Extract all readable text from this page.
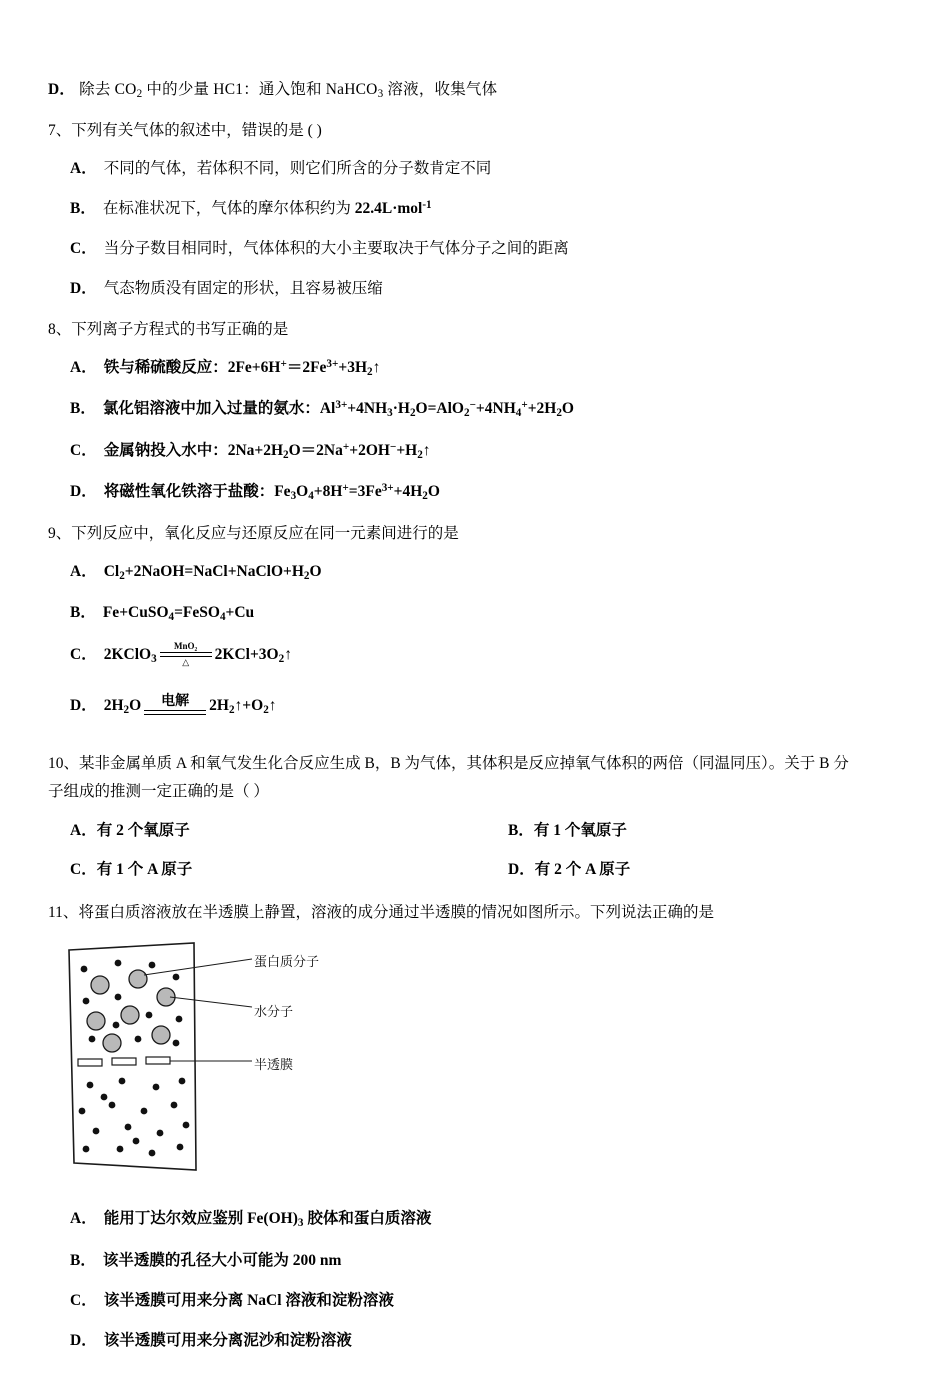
D． 除去 $CO_2$ 中的少量 HC1：通入饱和 NaHCO$_3$ 溶液，收集气体
7、下列有关气体的叙述中，错误的是 ( )
A． 不同的气体，若体积不同，则它们所含的分子数肯定不同
B． 在标准状况下，气体的摩尔体积约为 22.4L·mol$^{-1}$
C． 当分子数目相同时，气体体积的大小主要取决于气体分子之间的距离
D． 气态物质没有固定的形状，且容易被压缩
8、下列离子方程式的书写正确的是
A． 铁与稀硫酸反应：$2Fe+6H^+=2Fe^{3+}+3H_2↑$
B． 氯化铝溶液中加入过量的氨水：$Al^{3+}+4NH_3\cdot H_2O=AlO_2^-+4NH_4^++2H_2O$
C． 金属钠投入水中：$2Na+2H_2O=2Na^++2OH^-+H_2↑$
D． 将磁性氧化铁溶于盐酸：$Fe_3O_4+8H^+=3Fe^{3+}+4H_2O$
9、下列反应中，氧化反应与还原反应在同一元素间进行的是
A． $Cl_2+2NaOH=NaCl+NaClO+H_2O$
B． Fe+CuSO$_4$=FeSO$_4$+Cu
C． 2KClO$_3$
MnO₂
△	$2KCl+3O_2↑$
D． $2H_2O$	电解	$2H_2↑+O_2↑$
10、某非金属单质 A 和氧气发生化合反应生成 B，B 为气体，其体积是反应掉氧气体积的两倍（同温同压）。关于 B 分
子组成的推测一定正确的是（ ）
A．有 2 个氧原子	B．有 1 个氧原子
C．有 1 个 A 原子	D．有 2 个 A 原子
11、将蛋白质溶液放在半透膜上静置，溶液的成分通过半透膜的情况如图所示。下列说法正确的是
蛋白质分子
水分子
半透膜
A． 能用丁达尔效应鉴别 $Fe(OH)_3$ 胶体和蛋白质溶液
B． 该半透膜的孔径大小可能为 200 nm
C． 该半透膜可用来分离 NaCl 溶液和淀粉溶液
D． 该半透膜可用来分离泥沙和淀粉溶液
